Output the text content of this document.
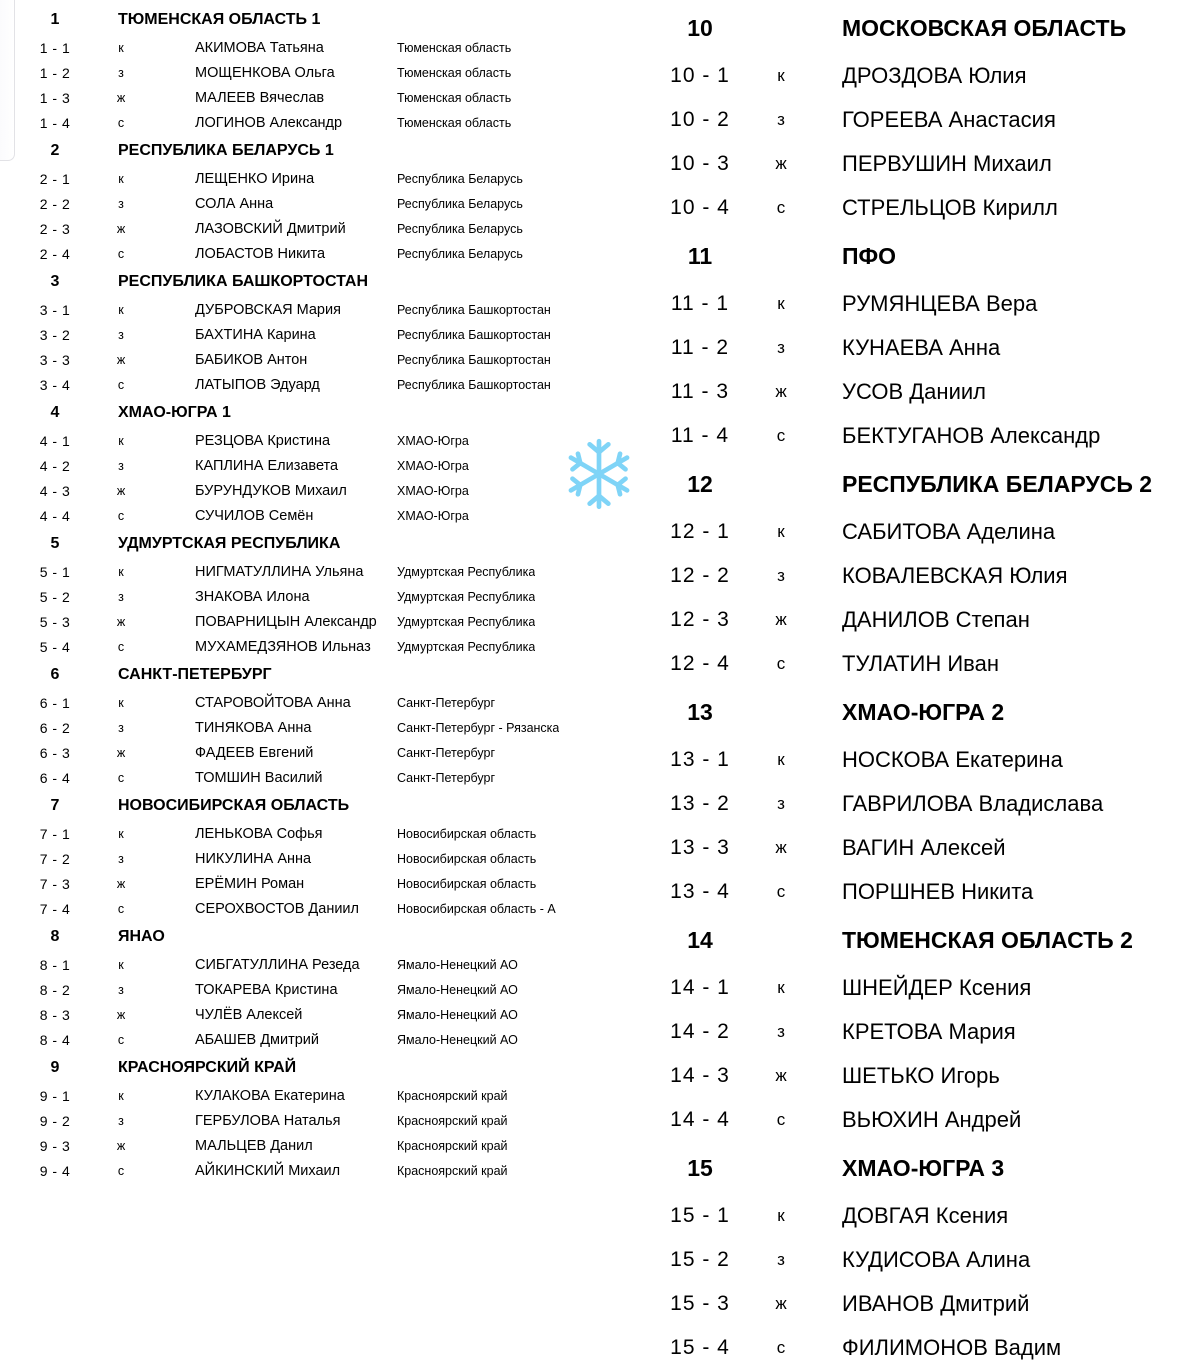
1	ТЮМЕНСКАЯ ОБЛАСТЬ 1
1 - 1	к	АКИМОВА Татьяна	Тюменская область
1 - 2	з	МОЩЕНКОВА Ольга	Тюменская область
1 - 3	ж	МАЛЕЕВ Вячеслав	Тюменская область
1 - 4	с	ЛОГИНОВ Александр	Тюменская область
2	РЕСПУБЛИКА БЕЛАРУСЬ 1
2 - 1	к	ЛЕЩЕНКО Ирина	Республика Беларусь
2 - 2	з	СОЛА Анна	Республика Беларусь
2 - 3	ж	ЛАЗОВСКИЙ Дмитрий	Республика Беларусь
2 - 4	с	ЛОБАСТОВ Никита	Республика Беларусь
3	РЕСПУБЛИКА БАШКОРТОСТАН
3 - 1	к	ДУБРОВСКАЯ Мария	Республика Башкортостан
3 - 2	з	БАХТИНА Карина	Республика Башкортостан
3 - 3	ж	БАБИКОВ Антон	Республика Башкортостан
3 - 4	с	ЛАТЫПОВ Эдуард	Республика Башкортостан
4	ХМАО-ЮГРА 1
4 - 1	к	РЕЗЦОВА Кристина	ХМАО-Югра
4 - 2	з	КАПЛИНА Елизавета	ХМАО-Югра
4 - 3	ж	БУРУНДУКОВ Михаил	ХМАО-Югра
4 - 4	с	СУЧИЛОВ Семён	ХМАО-Югра
5	УДМУРТСКАЯ РЕСПУБЛИКА
5 - 1	к	НИГМАТУЛЛИНА Ульяна	Удмуртская Республика
5 - 2	з	ЗНАКОВА Илона	Удмуртская Республика
5 - 3	ж	ПОВАРНИЦЫН Александр	Удмуртская Республика
5 - 4	с	МУХАМЕДЗЯНОВ Ильназ	Удмуртская Республика
6	САНКТ-ПЕТЕРБУРГ
6 - 1	к	СТАРОВОЙТОВА Анна	Санкт-Петербург
6 - 2	з	ТИНЯКОВА Анна	Санкт-Петербург - Рязанска
6 - 3	ж	ФАДЕЕВ Евгений	Санкт-Петербург
6 - 4	с	ТОМШИН Василий	Санкт-Петербург
7	НОВОСИБИРСКАЯ ОБЛАСТЬ
7 - 1	к	ЛЕНЬКОВА Софья	Новосибирская область
7 - 2	з	НИКУЛИНА Анна	Новосибирская область
7 - 3	ж	ЕРЁМИН Роман	Новосибирская область
7 - 4	с	СЕРОХВОСТОВ Даниил	Новосибирская область - А
8	ЯНАО
8 - 1	к	СИБГАТУЛЛИНА Резеда	Ямало-Ненецкий АО
8 - 2	з	ТОКАРЕВА Кристина	Ямало-Ненецкий АО
8 - 3	ж	ЧУЛЁВ Алексей	Ямало-Ненецкий АО
8 - 4	с	АБАШЕВ Дмитрий	Ямало-Ненецкий АО
9	КРАСНОЯРСКИЙ КРАЙ
9 - 1	к	КУЛАКОВА Екатерина	Красноярский край
9 - 2	з	ГЕРБУЛОВА Наталья	Красноярский край
9 - 3	ж	МАЛЬЦЕВ Данил	Красноярский край
9 - 4	с	АЙКИНСКИЙ Михаил	Красноярский край
10	МОСКОВСКАЯ ОБЛАСТЬ
10 - 1	к	ДРОЗДОВА Юлия
10 - 2	з	ГОРЕЕВА Анастасия
10 - 3	ж	ПЕРВУШИН Михаил
10 - 4	с	СТРЕЛЬЦОВ Кирилл
11	ПФО
11 - 1	к	РУМЯНЦЕВА Вера
11 - 2	з	КУНАЕВА Анна
11 - 3	ж	УСОВ Даниил
11 - 4	с	БЕКТУГАНОВ Александр
12	РЕСПУБЛИКА БЕЛАРУСЬ 2
12 - 1	к	САБИТОВА Аделина
12 - 2	з	КОВАЛЕВСКАЯ Юлия
12 - 3	ж	ДАНИЛОВ Степан
12 - 4	с	ТУЛАТИН Иван
13	ХМАО-ЮГРА 2
13 - 1	к	НОСКОВА Екатерина
13 - 2	з	ГАВРИЛОВА Владислава
13 - 3	ж	ВАГИН Алексей
13 - 4	с	ПОРШНЕВ Никита
14	ТЮМЕНСКАЯ ОБЛАСТЬ 2
14 - 1	к	ШНЕЙДЕР Ксения
14 - 2	з	КРЕТОВА Мария
14 - 3	ж	ШЕТЬКО Игорь
14 - 4	с	ВЬЮХИН Андрей
15	ХМАО-ЮГРА 3
15 - 1	к	ДОВГАЯ Ксения
15 - 2	з	КУДИСОВА Алина
15 - 3	ж	ИВАНОВ Дмитрий
15 - 4	с	ФИЛИМОНОВ Вадим
